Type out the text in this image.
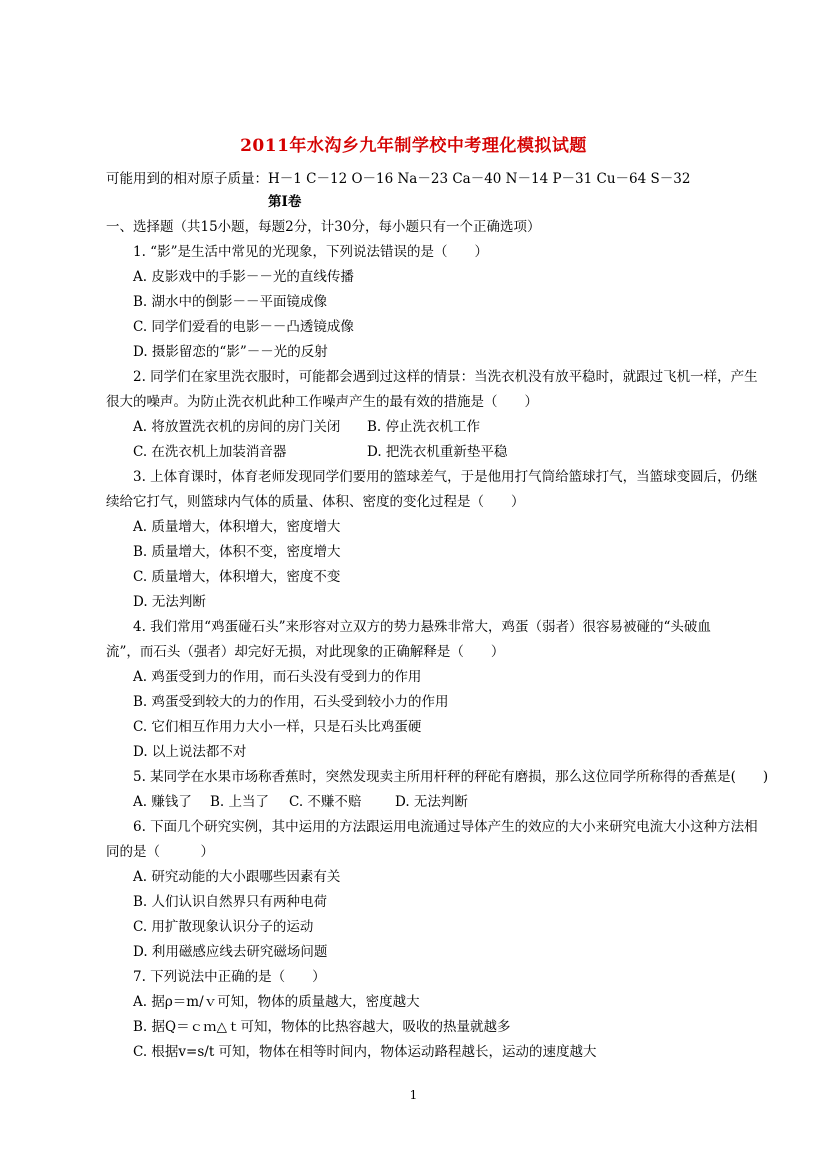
2011年水沟乡九年制学校中考理化模拟试题
可能用到的相对原子质量：H－1 C－12 O－16 Na－23 Ca－40 N－14 P－31 Cu－64 S－32
第Ⅰ卷
一、选择题（共15小题，每题2分，计30分，每小题只有一个正确选项）
1. “影”是生活中常见的光现象，下列说法错误的是（　　）
A. 皮影戏中的手影－－光的直线传播
B. 湖水中的倒影－－平面镜成像
C. 同学们爱看的电影－－凸透镜成像
D. 摄影留恋的“影”－－光的反射
2. 同学们在家里洗衣服时，可能都会遇到过这样的情景：当洗衣机没有放平稳时，就跟过飞机一样，产生
很大的噪声。为防止洗衣机此种工作噪声产生的最有效的措施是（　　）
A. 将放置洗衣机的房间的房门关闭 B. 停止洗衣机工作
C. 在洗衣机上加装消音器	D. 把洗衣机重新垫平稳
3. 上体育课时，体育老师发现同学们要用的篮球差气，于是他用打气筒给篮球打气，当篮球变圆后，仍继
续给它打气，则篮球内气体的质量、体积、密度的变化过程是（　　）
A. 质量增大，体积增大，密度增大
B. 质量增大，体积不变，密度增大
C. 质量增大，体积增大，密度不变
D. 无法判断
4. 我们常用“鸡蛋碰石头”来形容对立双方的势力悬殊非常大，鸡蛋（弱者）很容易被碰的“头破血
流”，而石头（强者）却完好无损，对此现象的正确解释是（　　）
A. 鸡蛋受到力的作用，而石头没有受到力的作用
B. 鸡蛋受到较大的力的作用，石头受到较小力的作用
C. 它们相互作用力大小一样，只是石头比鸡蛋硬
D. 以上说法都不对
5. 某同学在水果市场称香蕉时，突然发现卖主所用杆秤的秤砣有磨损，那么这位同学所称得的香蕉是(　　)
A. 赚钱了 B. 上当了 C. 不赚不赔 D. 无法判断
6. 下面几个研究实例，其中运用的方法跟运用电流通过导体产生的效应的大小来研究电流大小这种方法相
同的是（　　　）
A. 研究动能的大小跟哪些因素有关
B. 人们认识自然界只有两种电荷
C. 用扩散现象认识分子的运动
D. 利用磁感应线去研究磁场问题
7. 下列说法中正确的是（　　）
A. 据ρ＝m/ｖ可知，物体的质量越大，密度越大
B. 据Q＝ｃｍ△ｔ可知，物体的比热容越大，吸收的热量就越多
C. 根据v=s/t 可知，物体在相等时间内，物体运动路程越长，运动的速度越大
1
